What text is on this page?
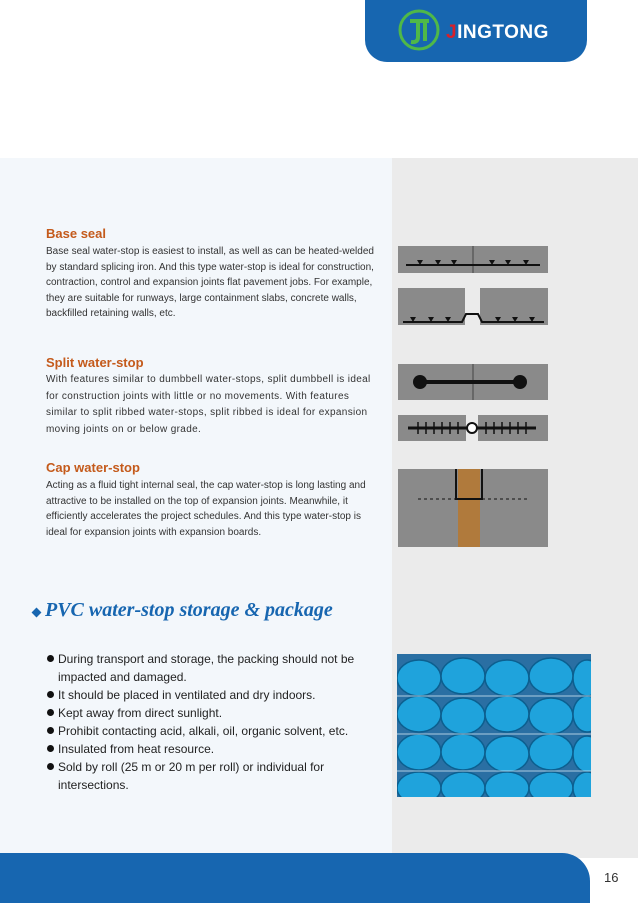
JINGTONG
Base seal
Base seal water-stop is easiest to install, as well as can be heated-welded by standard splicing iron. And this type water-stop is ideal for construction, contraction, control and expansion joints flat pavement jobs. For example, they are suitable for runways, large containment slabs, concrete walls, backfilled retaining walls, etc.
Split water-stop
With features similar to dumbbell water-stops, split dumbbell is ideal for construction joints with little or no movements. With features similar to split ribbed water-stops, split ribbed is ideal for expansion moving joints on or below grade.
Cap water-stop
Acting as a fluid tight internal seal, the cap water-stop is long lasting and attractive to be installed on the top of expansion joints. Meanwhile, it efficiently accelerates the project schedules. And this type water-stop is ideal for expansion joints with expansion boards.
PVC water-stop storage & package
During transport and storage, the packing should not be impacted and damaged.
It should be placed in ventilated and dry indoors.
Kept away from direct sunlight.
Prohibit contacting acid, alkali, oil, organic solvent, etc.
Insulated from heat resource.
Sold by roll (25 m or 20 m per roll) or individual for intersections.
16
